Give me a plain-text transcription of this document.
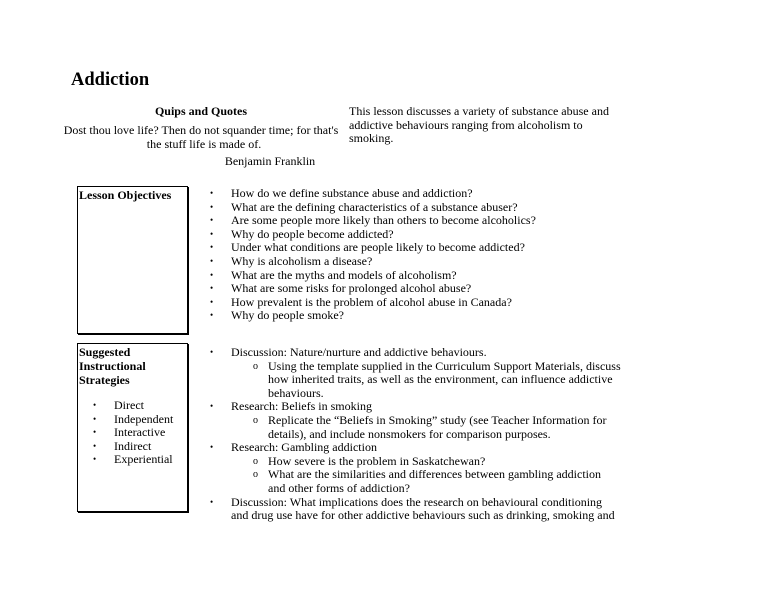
Addiction
Quips and Quotes
Dost thou love life? Then do not squander time; for that's
the stuff life is made of.
Benjamin Franklin
This lesson discusses a variety of substance abuse and
addictive behaviours ranging from alcoholism to
smoking.
Lesson Objectives
•	How do we define substance abuse and addiction?
• What are the defining characteristics of a substance abuser?
• Are some people more likely than others to become alcoholics?
• Why do people become addicted?
• Under what conditions are people likely to become addicted?
• Why is alcoholism a disease?
• What are the myths and models of alcoholism?
• What are some risks for prolonged alcohol abuse?
• How prevalent is the problem of alcohol abuse in Canada?
• Why do people smoke?
Suggested
Instructional
Strategies
• Direct
• Independent
• Interactive
• Indirect
• Experiential
• Discussion: Nature/nurture and addictive behaviours.
o Using the template supplied in the Curriculum Support Materials, discuss
how inherited traits, as well as the environment, can influence addictive
behaviours.
• Research: Beliefs in smoking
o Replicate the “Beliefs in Smoking” study (see Teacher Information for
details), and include nonsmokers for comparison purposes.
• Research: Gambling addiction
o How severe is the problem in Saskatchewan?
o What are the similarities and differences between gambling addiction
and other forms of addiction?
• Discussion: What implications does the research on behavioural conditioning
and drug use have for other addictive behaviours such as drinking, smoking and
